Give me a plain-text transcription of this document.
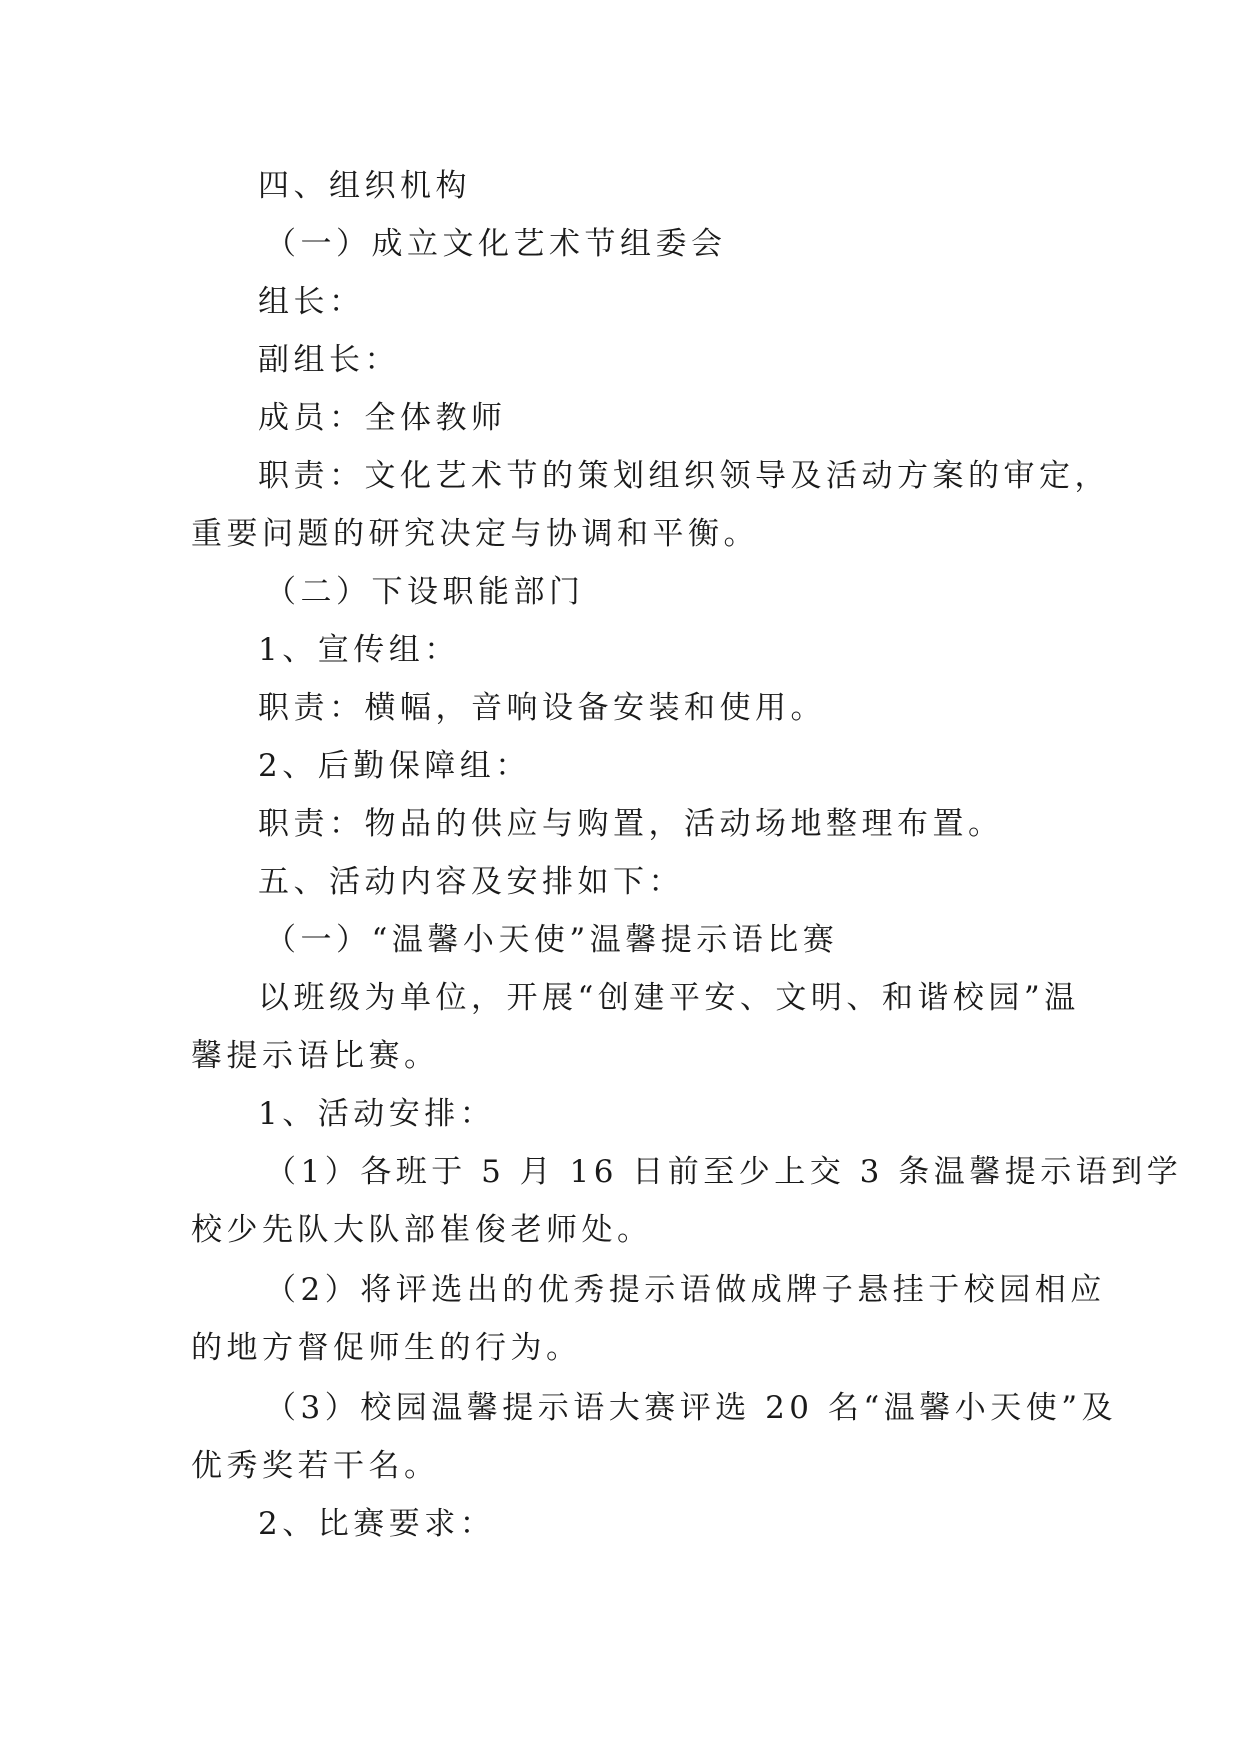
四、组织机构
（一）成立文化艺术节组委会
组长：
副组长：
成员：全体教师
职责：文化艺术节的策划组织领导及活动方案的审定，
重要问题的研究决定与协调和平衡。
（二）下设职能部门
1、宣传组：
职责：横幅，音响设备安装和使用。
2、后勤保障组：
职责：物品的供应与购置，活动场地整理布置。
五、活动内容及安排如下：
（一）“温馨小天使”温馨提示语比赛
以班级为单位，开展“创建平安、文明、和谐校园”温
馨提示语比赛。
1、活动安排：
（1）各班于 5 月 16 日前至少上交 3 条温馨提示语到学
校少先队大队部崔俊老师处。
（2）将评选出的优秀提示语做成牌子悬挂于校园相应
的地方督促师生的行为。
（3）校园温馨提示语大赛评选 20 名“温馨小天使”及
优秀奖若干名。
2、比赛要求：
